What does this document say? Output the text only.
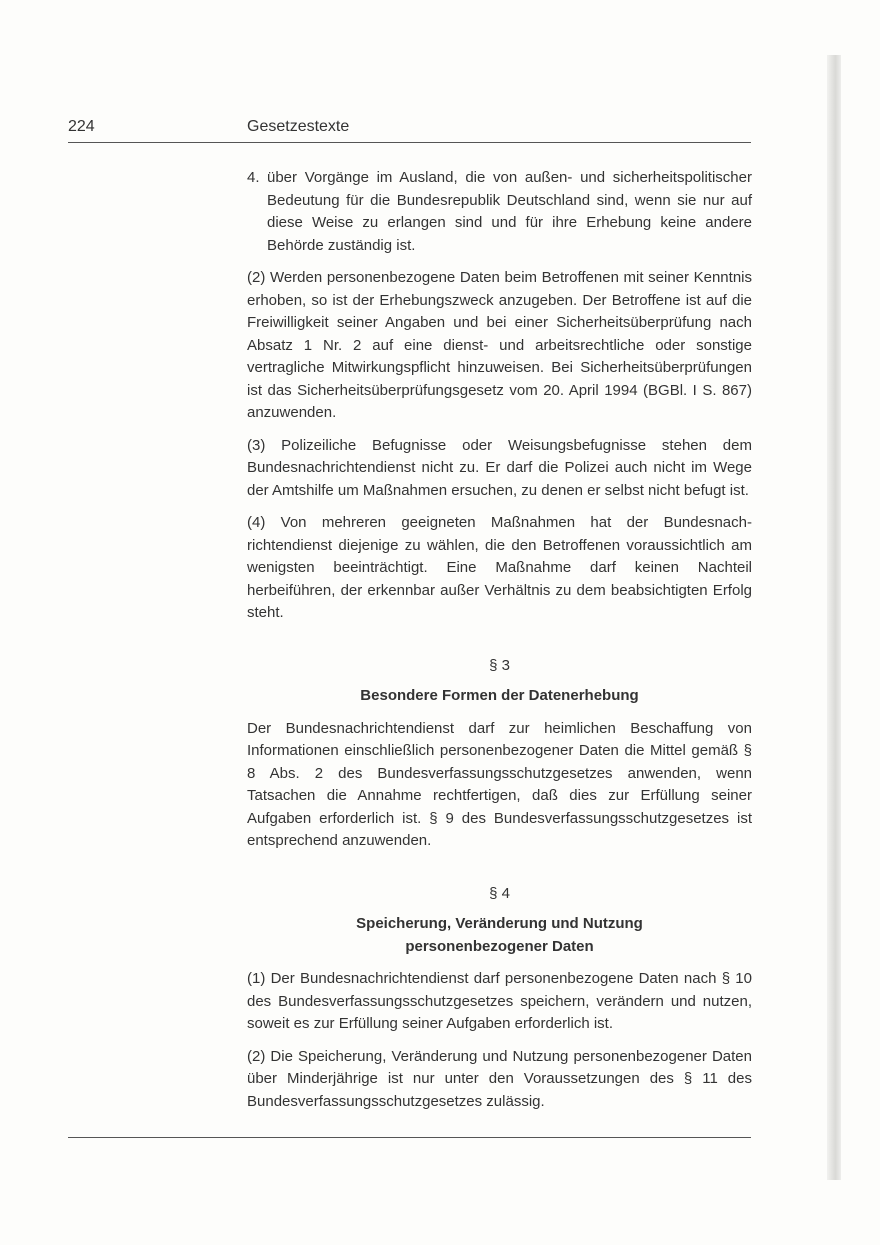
224	Gesetzestexte
4. über Vorgänge im Ausland, die von außen- und sicherheitspolitischer Bedeutung für die Bundesrepublik Deutschland sind, wenn sie nur auf diese Weise zu erlangen sind und für ihre Erhebung keine andere Behörde zuständig ist.

(2) Werden personenbezogene Daten beim Betroffenen mit seiner Kenntnis erhoben, so ist der Erhebungszweck anzugeben. Der Betroffene ist auf die Freiwilligkeit seiner Angaben und bei einer Sicherheitsüberprüfung nach Absatz 1 Nr. 2 auf eine dienst- und arbeitsrechtliche oder sonstige vertragliche Mitwirkungspflicht hinzuweisen. Bei Sicherheitsüberprüfungen ist das Sicherheitsüberprüfungsgesetz vom 20. April 1994 (BGBl. I S. 867) anzuwenden.

(3) Polizeiliche Befugnisse oder Weisungsbefugnisse stehen dem Bundesnachrichtendienst nicht zu. Er darf die Polizei auch nicht im Wege der Amtshilfe um Maßnahmen ersuchen, zu denen er selbst nicht befugt ist.

(4) Von mehreren geeigneten Maßnahmen hat der Bundesnachrichtendienst diejenige zu wählen, die den Betroffenen voraussichtlich am wenigsten beeinträchtigt. Eine Maßnahme darf keinen Nachteil herbeiführen, der erkennbar außer Verhältnis zu dem beabsichtigten Erfolg steht.

§ 3
Besondere Formen der Datenerhebung

Der Bundesnachrichtendienst darf zur heimlichen Beschaffung von Informationen einschließlich personenbezogener Daten die Mittel gemäß § 8 Abs. 2 des Bundesverfassungsschutzgesetzes anwenden, wenn Tatsachen die Annahme rechtfertigen, daß dies zur Erfüllung seiner Aufgaben erforderlich ist. § 9 des Bundesverfassungsschutzgesetzes ist entsprechend anzuwenden.

§ 4
Speicherung, Veränderung und Nutzung
personenbezogener Daten

(1) Der Bundesnachrichtendienst darf personenbezogene Daten nach § 10 des Bundesverfassungsschutzgesetzes speichern, verändern und nutzen, soweit es zur Erfüllung seiner Aufgaben erforderlich ist.

(2) Die Speicherung, Veränderung und Nutzung personenbezogener Daten über Minderjährige ist nur unter den Voraussetzungen des § 11 des Bundesverfassungsschutzgesetzes zulässig.
